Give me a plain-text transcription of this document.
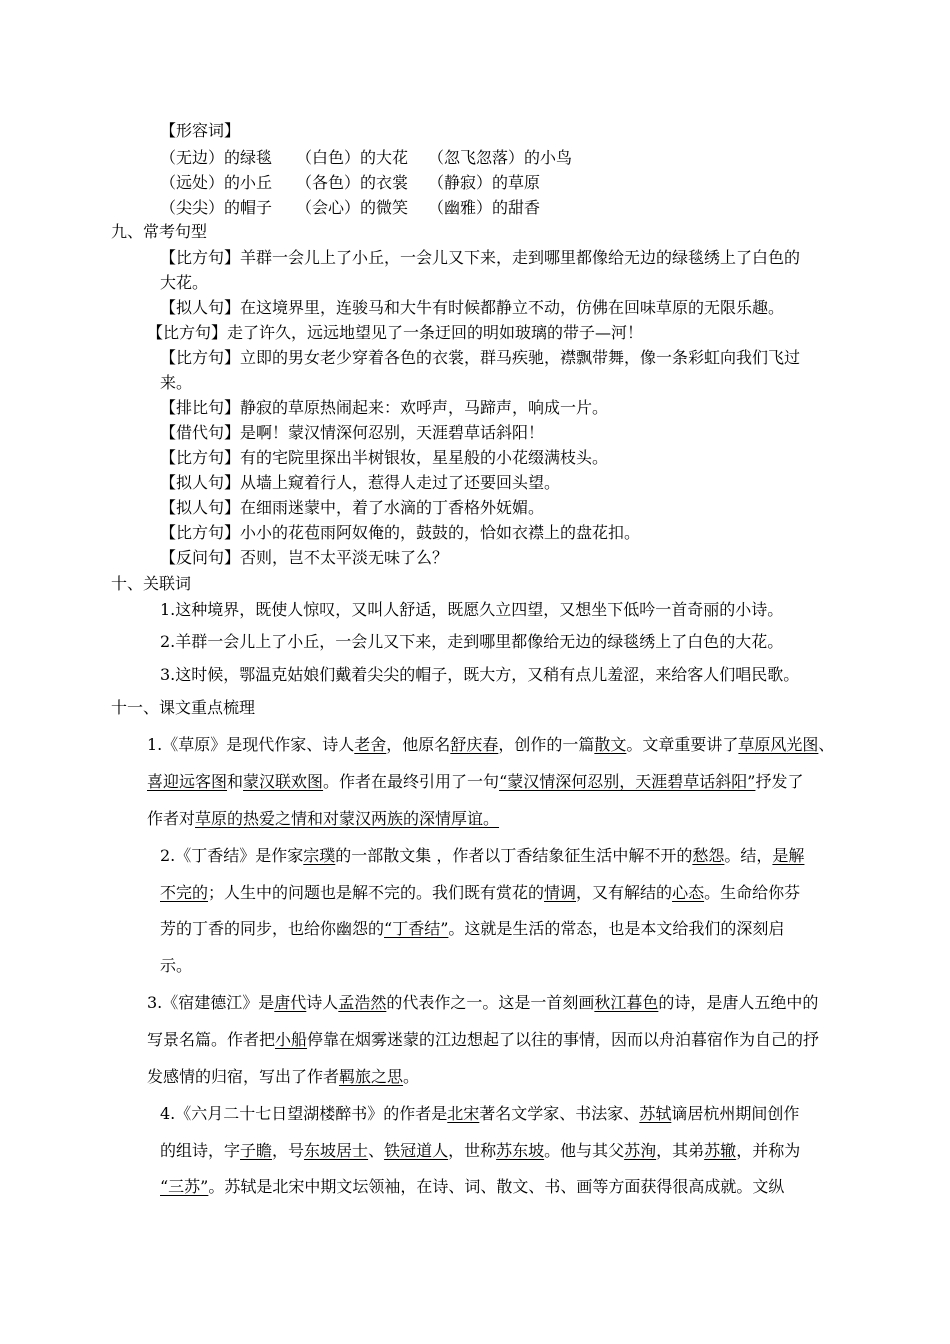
【形容词】
（无边）的绿毯 （白色）的大花 （忽飞忽落）的小鸟
（远处）的小丘 （各色）的衣裳 （静寂）的草原
（尖尖）的帽子 （会心）的微笑 （幽雅）的甜香
九、常考句型
【比方句】羊群一会儿上了小丘，一会儿又下来，走到哪里都像给无边的绿毯绣上了白色的
大花。
【拟人句】在这境界里，连骏马和大牛有时候都静立不动，仿佛在回味草原的无限乐趣。
【比方句】走了许久，远远地望见了一条迂回的明如玻璃的带子—河！
【比方句】立即的男女老少穿着各色的衣裳，群马疾驰，襟飘带舞，像一条彩虹向我们飞过
来。
【排比句】静寂的草原热闹起来：欢呼声，马蹄声，响成一片。
【借代句】是啊！蒙汉情深何忍别，天涯碧草话斜阳！
【比方句】有的宅院里探出半树银妆，星星般的小花缀满枝头。
【拟人句】从墙上窥着行人，惹得人走过了还要回头望。
【拟人句】在细雨迷蒙中，着了水滴的丁香格外妩媚。
【比方句】小小的花苞雨阿奴俺的，鼓鼓的，恰如衣襟上的盘花扣。
【反问句】否则，岂不太平淡无味了么？
十、关联词
1.这种境界，既使人惊叹，又叫人舒适，既愿久立四望，又想坐下低吟一首奇丽的小诗。
2.羊群一会儿上了小丘，一会儿又下来，走到哪里都像给无边的绿毯绣上了白色的大花。
3.这时候，鄂温克姑娘们戴着尖尖的帽子，既大方，又稍有点儿羞涩，来给客人们唱民歌。
十一、课文重点梳理
1.《草原》是现代作家、诗人老舍，他原名舒庆春，创作的一篇散文。文章重要讲了草原风光图、
喜迎远客图和蒙汉联欢图。作者在最终引用了一句“蒙汉情深何忍别，天涯碧草话斜阳”抒发了
作者对草原的热爱之情和对蒙汉两族的深情厚谊。
2.《丁香结》是作家宗璞的一部散文集 ，作者以丁香结象征生活中解不开的愁怨。结，是解
不完的；人生中的问题也是解不完的。我们既有赏花的情调，又有解结的心态。生命给你芬
芳的丁香的同步，也给你幽怨的“丁香结”。这就是生活的常态，也是本文给我们的深刻启
示。
3.《宿建德江》是唐代诗人孟浩然的代表作之一。这是一首刻画秋江暮色的诗，是唐人五绝中的
写景名篇。作者把小船停靠在烟雾迷蒙的江边想起了以往的事情，因而以舟泊暮宿作为自己的抒
发感情的归宿，写出了作者羁旅之思。
4.《六月二十七日望湖楼醉书》的作者是北宋著名文学家、书法家、苏轼谪居杭州期间创作
的组诗，字子瞻，号东坡居士、铁冠道人，世称苏东坡。他与其父苏洵，其弟苏辙，并称为
“三苏”。苏轼是北宋中期文坛领袖，在诗、词、散文、书、画等方面获得很高成就。文纵
